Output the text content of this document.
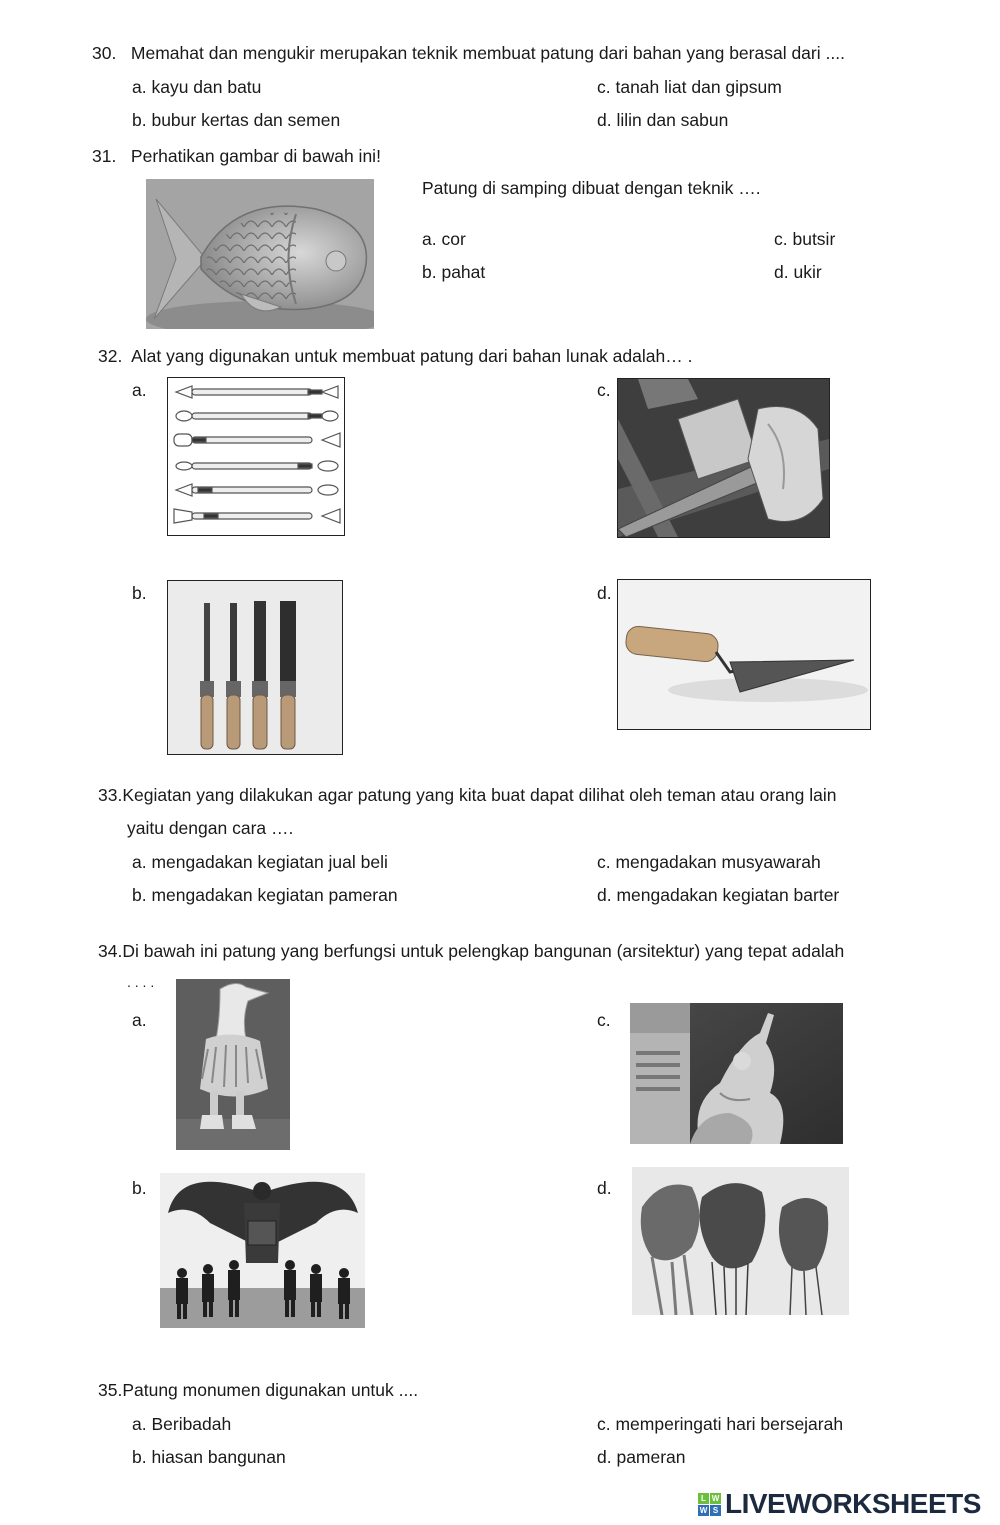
30. Memahat dan mengukir merupakan teknik membuat patung dari bahan yang berasal dari ....
a. kayu dan batu	c. tanah liat dan gipsum
b. bubur kertas dan semen	d. lilin dan sabun
31. Perhatikan gambar di bawah ini!
Patung di samping dibuat dengan teknik ….
a. cor	c. butsir
b. pahat	d. ukir
32. Alat yang digunakan untuk membuat patung dari bahan lunak adalah… .
a.	c.
b.	d.
33.Kegiatan yang dilakukan agar patung yang kita buat dapat dilihat oleh teman atau orang lain
yaitu dengan cara ….
a. mengadakan kegiatan jual beli	c. mengadakan musyawarah
b. mengadakan kegiatan pameran	d. mengadakan kegiatan barter
34.Di bawah ini patung yang berfungsi untuk pelengkap bangunan (arsitektur) yang tepat adalah
. . . .
a.	c.
b.	d.
35.Patung monumen digunakan untuk ....
a. Beribadah	c. memperingati hari bersejarah
b. hiasan bangunan	d. pameran
L W
W S LIVEWORKSHEETS
